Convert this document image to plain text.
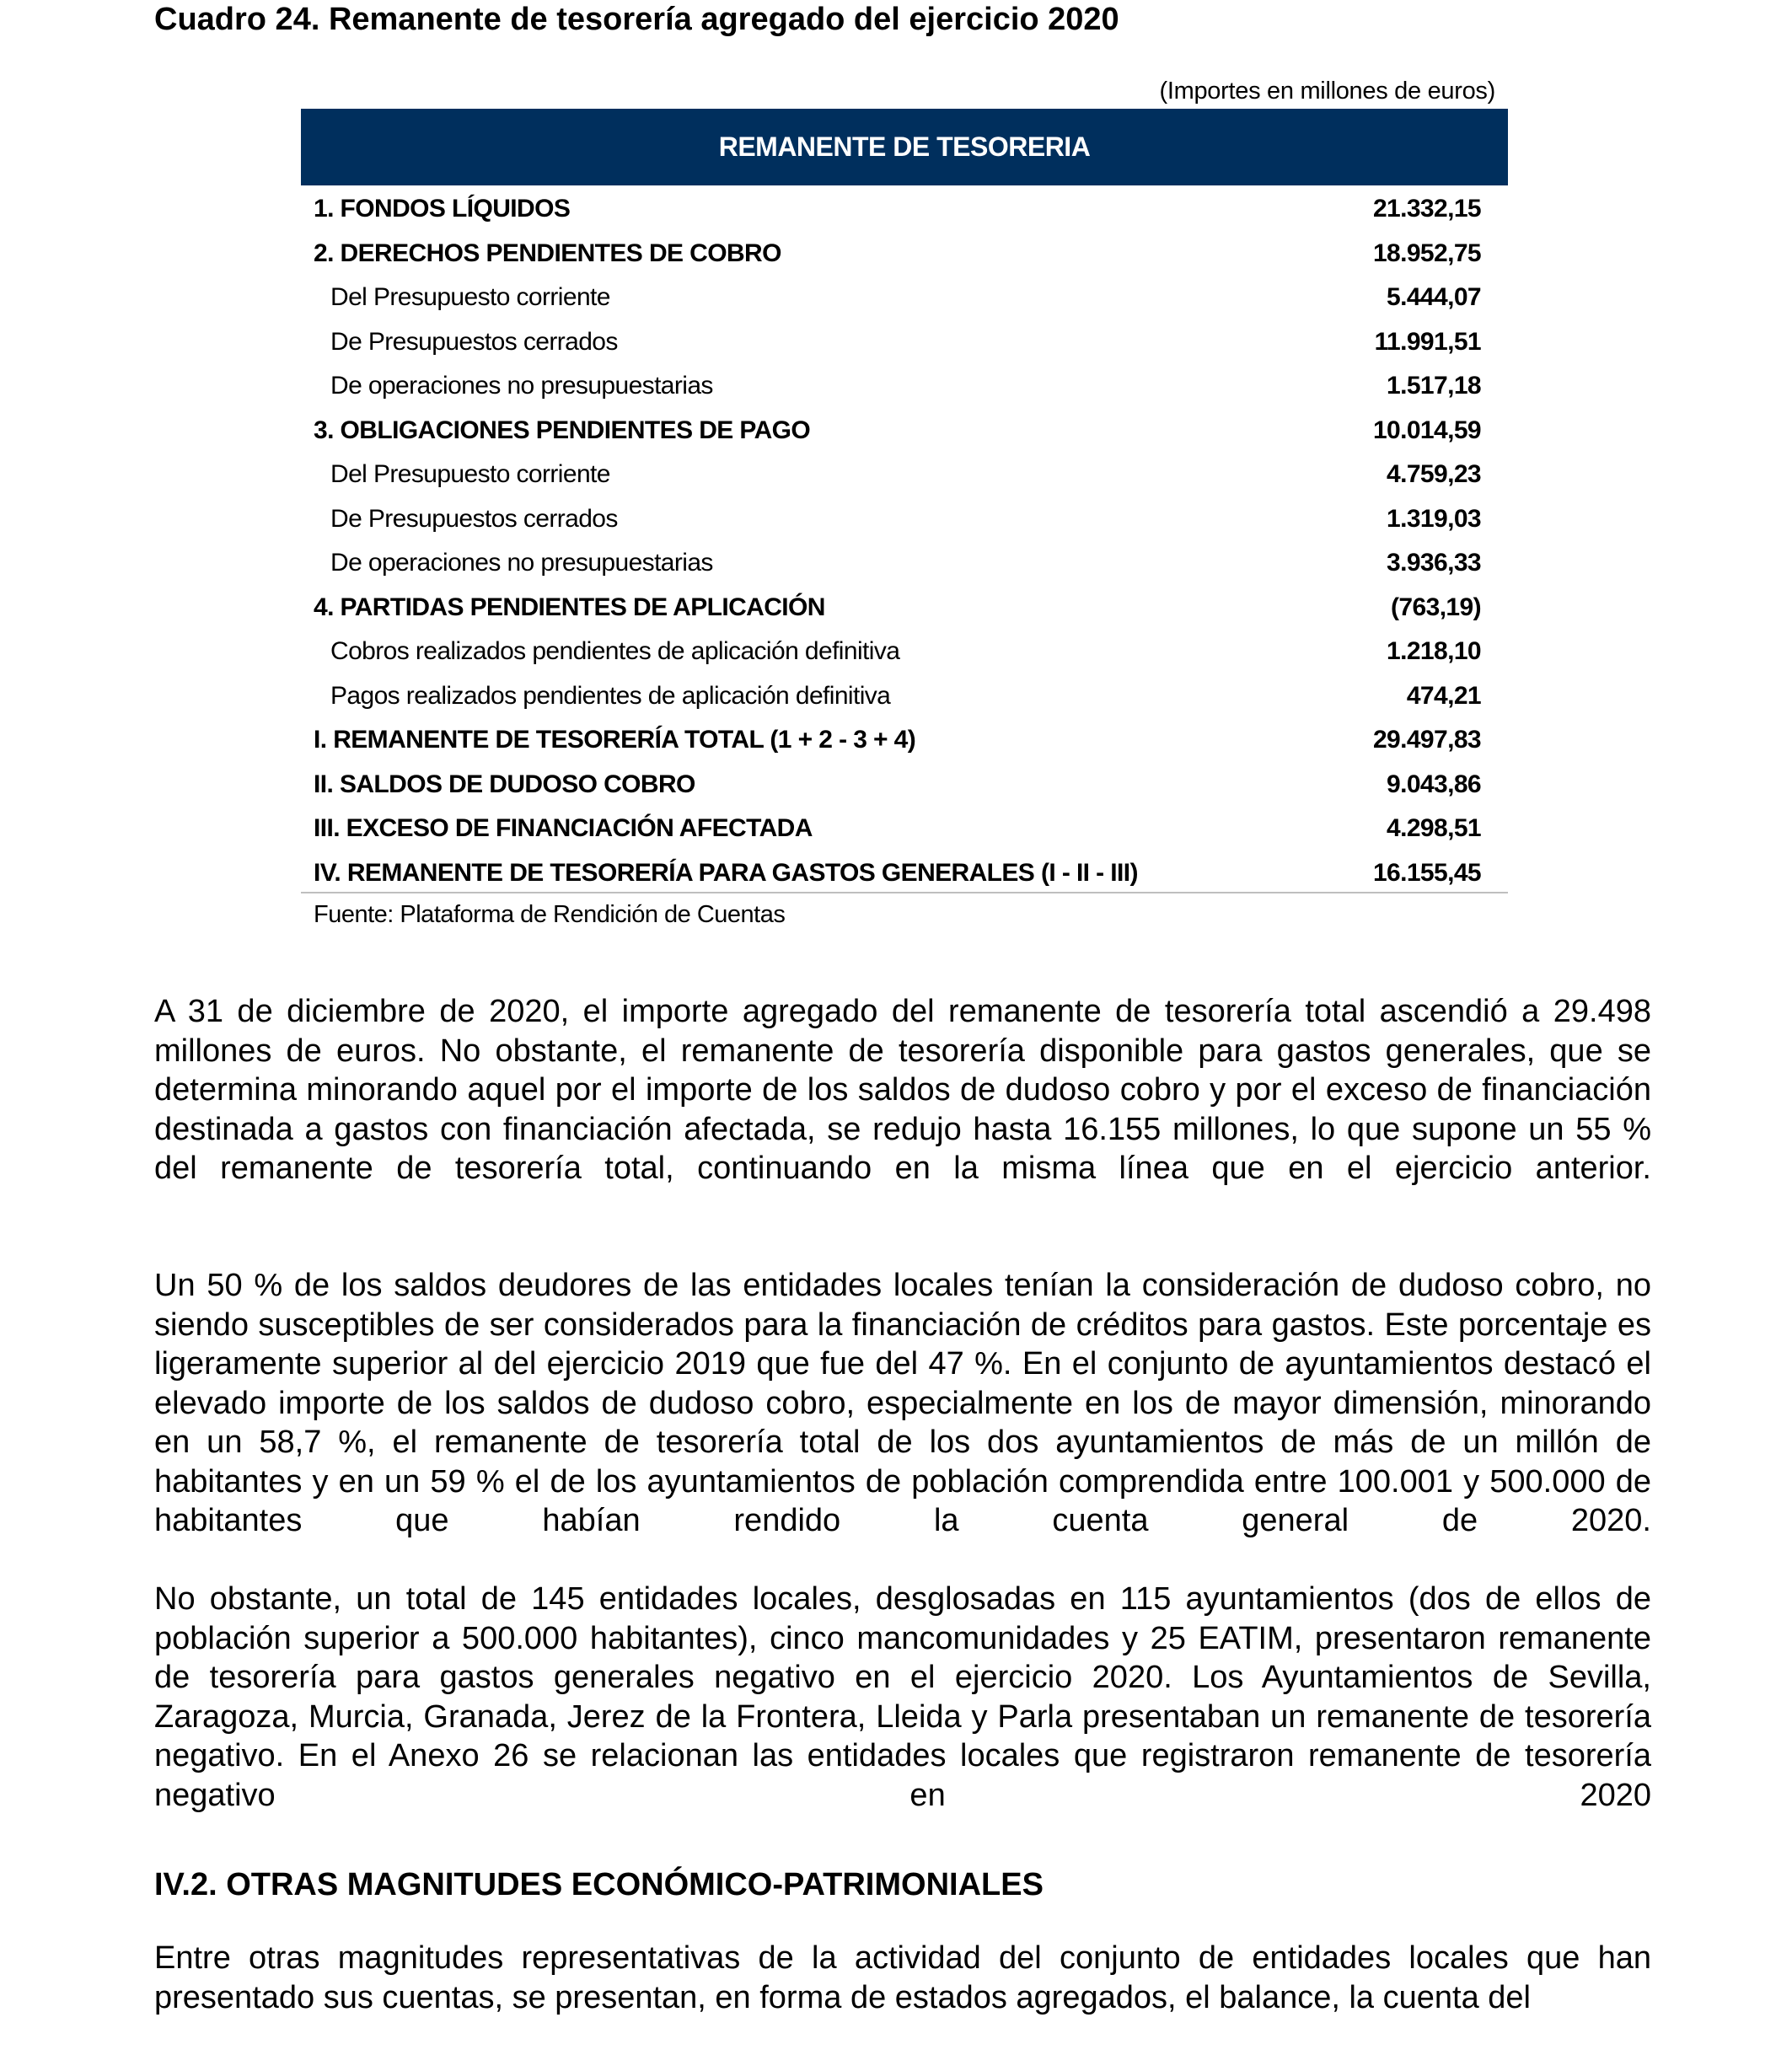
Cuadro 24. Remanente de tesorería agregado del ejercicio 2020
(Importes en millones de euros)
REMANENTE DE TESORERIA
1. FONDOS LÍQUIDOS	21.332,15
2. DERECHOS PENDIENTES DE COBRO	18.952,75
Del Presupuesto corriente	5.444,07
De Presupuestos cerrados	11.991,51
De operaciones no presupuestarias	1.517,18
3. OBLIGACIONES PENDIENTES DE PAGO	10.014,59
Del Presupuesto corriente	4.759,23
De Presupuestos cerrados	1.319,03
De operaciones no presupuestarias	3.936,33
4. PARTIDAS PENDIENTES DE APLICACIÓN	(763,19)
Cobros realizados pendientes de aplicación definitiva	1.218,10
Pagos realizados pendientes de aplicación definitiva	474,21
I. REMANENTE DE TESORERÍA TOTAL (1 + 2 - 3 + 4)	29.497,83
II. SALDOS DE DUDOSO COBRO	9.043,86
III. EXCESO DE FINANCIACIÓN AFECTADA	4.298,51
IV. REMANENTE DE TESORERÍA PARA GASTOS GENERALES (I - II - III)	16.155,45
Fuente: Plataforma de Rendición de Cuentas

A 31 de diciembre de 2020, el importe agregado del remanente de tesorería total ascendió a 29.498 millones de euros. No obstante, el remanente de tesorería disponible para gastos generales, que se determina minorando aquel por el importe de los saldos de dudoso cobro y por el exceso de financiación destinada a gastos con financiación afectada, se redujo hasta 16.155 millones, lo que supone un 55 % del remanente de tesorería total, continuando en la misma línea que en el ejercicio anterior.

Un 50 % de los saldos deudores de las entidades locales tenían la consideración de dudoso cobro, no siendo susceptibles de ser considerados para la financiación de créditos para gastos. Este porcentaje es ligeramente superior al del ejercicio 2019 que fue del 47 %. En el conjunto de ayuntamientos destacó el elevado importe de los saldos de dudoso cobro, especialmente en los de mayor dimensión, minorando en un 58,7 %, el remanente de tesorería total de los dos ayuntamientos de más de un millón de habitantes y en un 59 % el de los ayuntamientos de población comprendida entre 100.001 y 500.000 de habitantes que habían rendido la cuenta general de 2020.

No obstante, un total de 145 entidades locales, desglosadas en 115 ayuntamientos (dos de ellos de población superior a 500.000 habitantes), cinco mancomunidades y 25 EATIM, presentaron remanente de tesorería para gastos generales negativo en el ejercicio 2020. Los Ayuntamientos de Sevilla, Zaragoza, Murcia, Granada, Jerez de la Frontera, Lleida y Parla presentaban un remanente de tesorería negativo. En el Anexo 26 se relacionan las entidades locales que registraron remanente de tesorería negativo en 2020

IV.2. OTRAS MAGNITUDES ECONÓMICO-PATRIMONIALES

Entre otras magnitudes representativas de la actividad del conjunto de entidades locales que han presentado sus cuentas, se presentan, en forma de estados agregados, el balance, la cuenta del
